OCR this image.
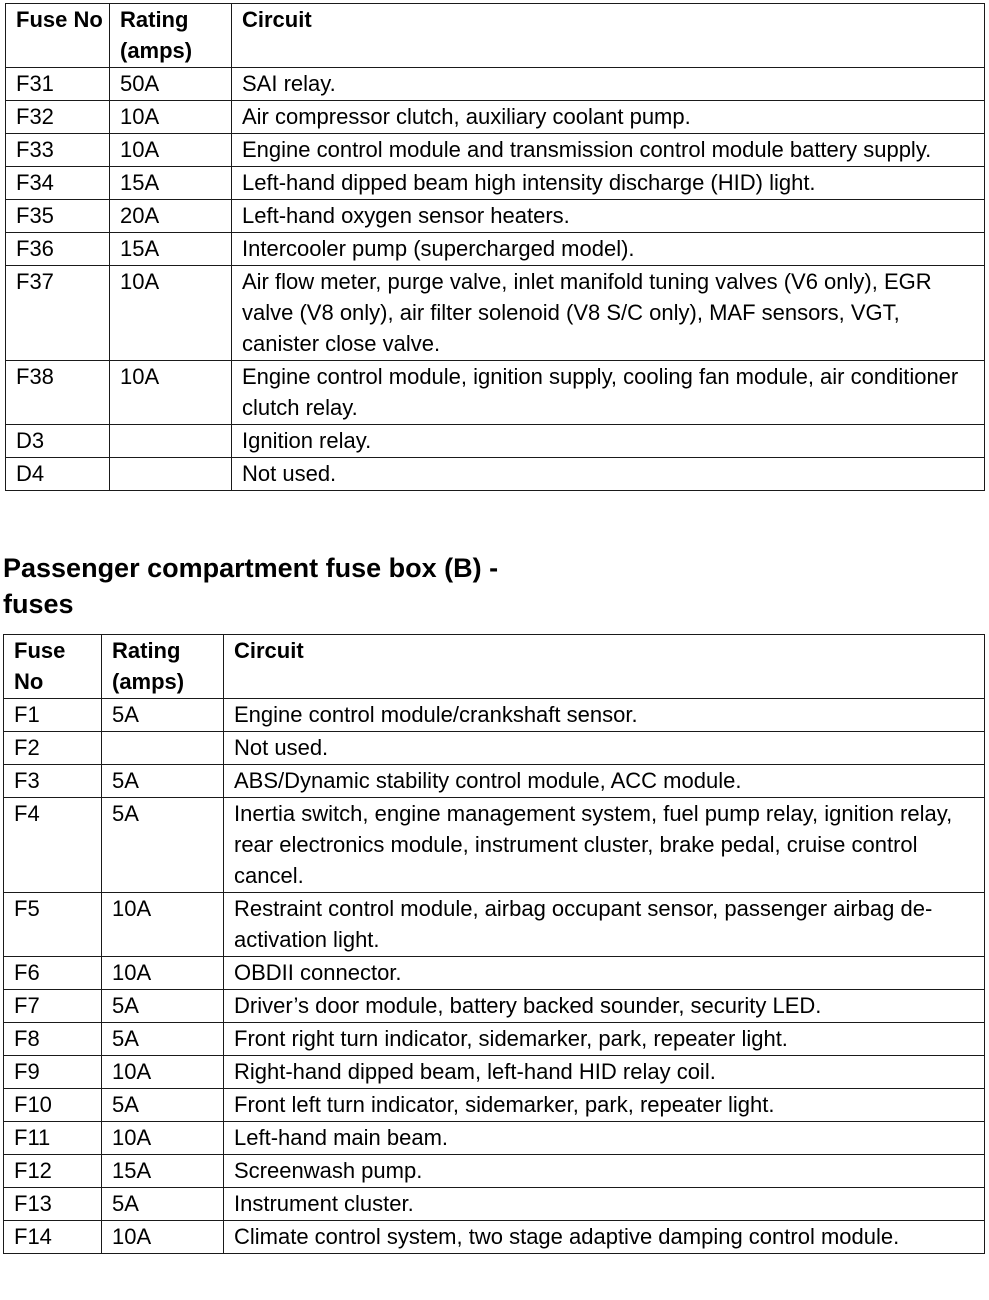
Fuse No	Rating (amps)	Circuit
F31	50A	SAI relay.
F32	10A	Air compressor clutch, auxiliary coolant pump.
F33	10A	Engine control module and transmission control module battery supply.
F34	15A	Left-hand dipped beam high intensity discharge (HID) light.
F35	20A	Left-hand oxygen sensor heaters.
F36	15A	Intercooler pump (supercharged model).
F37	10A	Air flow meter, purge valve, inlet manifold tuning valves (V6 only), EGR valve (V8 only), air filter solenoid (V8 S/C only), MAF sensors, VGT, canister close valve.
F38	10A	Engine control module, ignition supply, cooling fan module, air conditioner clutch relay.
D3		Ignition relay.
D4		Not used.
Passenger compartment fuse box (B) - fuses
Fuse No	Rating (amps)	Circuit
F1	5A	Engine control module/crankshaft sensor.
F2		Not used.
F3	5A	ABS/Dynamic stability control module, ACC module.
F4	5A	Inertia switch, engine management system, fuel pump relay, ignition relay, rear electronics module, instrument cluster, brake pedal, cruise control cancel.
F5	10A	Restraint control module, airbag occupant sensor, passenger airbag de-activation light.
F6	10A	OBDII connector.
F7	5A	Driver’s door module, battery backed sounder, security LED.
F8	5A	Front right turn indicator, sidemarker, park, repeater light.
F9	10A	Right-hand dipped beam, left-hand HID relay coil.
F10	5A	Front left turn indicator, sidemarker, park, repeater light.
F11	10A	Left-hand main beam.
F12	15A	Screenwash pump.
F13	5A	Instrument cluster.
F14	10A	Climate control system, two stage adaptive damping control module.
